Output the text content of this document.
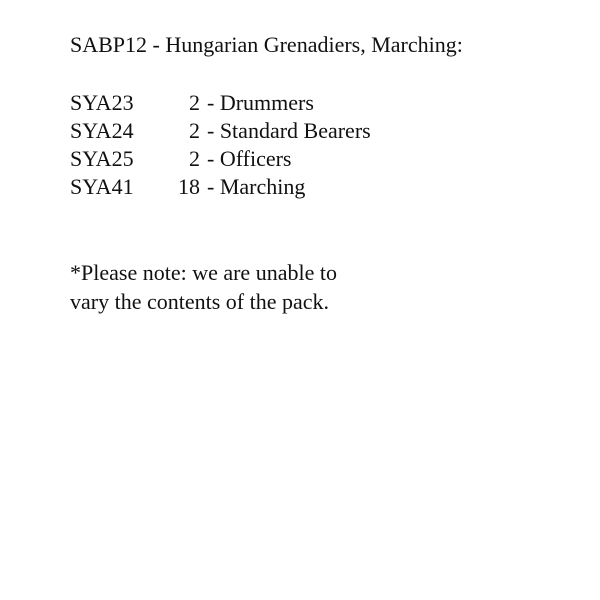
SABP12 - Hungarian Grenadiers, Marching:
SYA23	2 - Drummers
SYA24	2 - Standard Bearers
SYA25	2 - Officers
SYA41	18 - Marching
*Please note: we are unable to
vary the contents of the pack.
